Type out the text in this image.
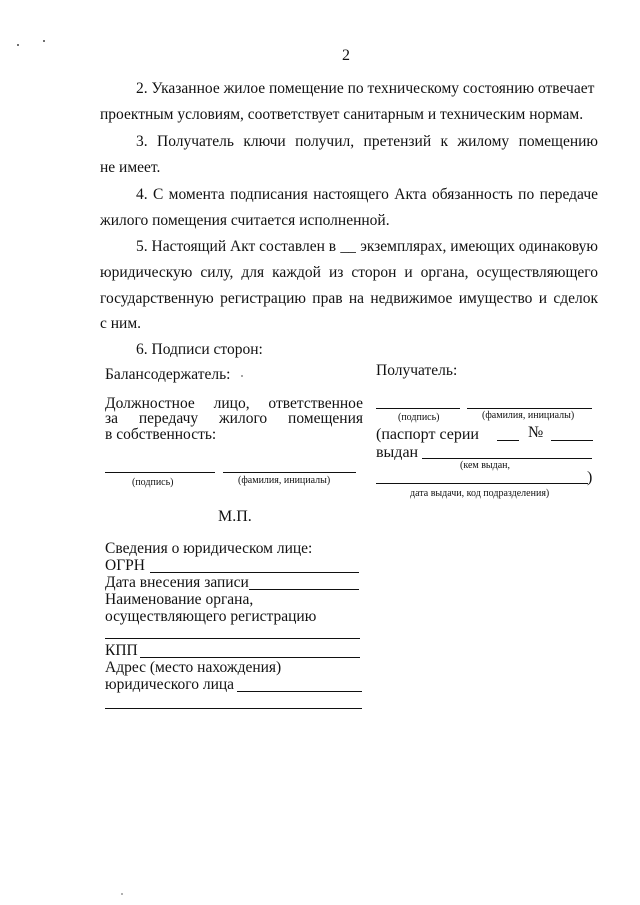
2
2. Указанное жилое помещение по техническому состоянию отвечает
проектным условиям, соответствует санитарным и техническим нормам.
3. Получатель ключи получил, претензий к жилому помещению
не имеет.
4. С момента подписания настоящего Акта обязанность по передаче
жилого помещения считается исполненной.
5. Настоящий Акт составлен в __ экземплярах, имеющих одинаковую
юридическую силу, для каждой из сторон и органа, осуществляющего
государственную регистрацию прав на недвижимое имущество и сделок
с ним.
6. Подписи сторон:
Балансодержатель:
Должностное лицо, ответственное
за передачу жилого помещения
в собственность:
(подпись)	(фамилия, инициалы)
М.П.
Сведения о юридическом лице:
ОГРН
Дата внесения записи
Наименование органа,
осуществляющего регистрацию
КПП
Адрес (место нахождения)
юридического лица
Получатель:
(подпись)	(фамилия, инициалы)
(паспорт серии	№
выдан
(кем выдан,
)
дата выдачи, код подразделения)
